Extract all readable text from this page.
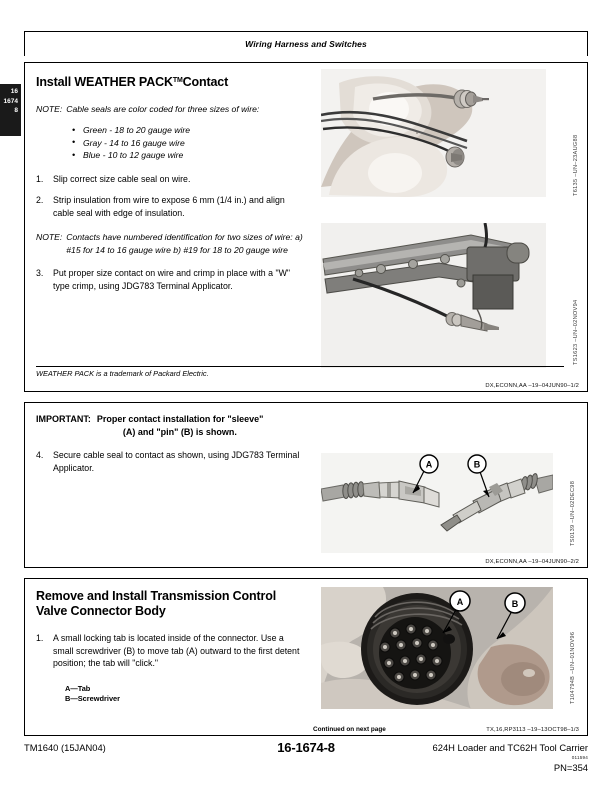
Wiring Harness and Switches
16
1674
8
Install WEATHER PACK™Contact
NOTE: Cable seals are color coded for three sizes of wire:
• Green - 18 to 20 gauge wire
• Gray - 14 to 16 gauge wire
• Blue - 10 to 12 gauge wire
1.	Slip correct size cable seal on wire.
2.	Strip insulation from wire to expose 6 mm (1/4 in.) and align cable seal with edge of insulation.
NOTE: Contacts have numbered identification for two sizes of wire: a) #15 for 14 to 16 gauge wire b) #19 for 18 to 20 gauge wire
3.	Put proper size contact on wire and crimp in place with a "W" type crimp, using JDG783 Terminal Applicator.
T6135 –UN–23AUG88
TS1623 –UN–02NOV94
WEATHER PACK is a trademark of Packard Electric.
DX,ECONN,AA –19–04JUN90–1/2
IMPORTANT: Proper contact installation for "sleeve"
(A) and "pin" (B) is shown.
4.	Secure cable seal to contact as shown, using JDG783 Terminal Applicator.	A	B
TS0139 –UN–02DEC98
DX,ECONN,AA –19–04JUN90–2/2
Remove and Install Transmission Control
Valve Connector Body
1.	A small locking tab is located inside of the connector. Use a small screwdriver (B) to move tab (A) outward to the first detent position; the tab will "click."
A—Tab
B—Screwdriver
A	B
T104794B –UN–01NOV96
Continued on next page	TX,16,RP3113 –19–13OCT98–1/3
TM1640 (15JAN04)	16-1674-8	624H Loader and TC62H Tool Carrier
011594
PN=354
